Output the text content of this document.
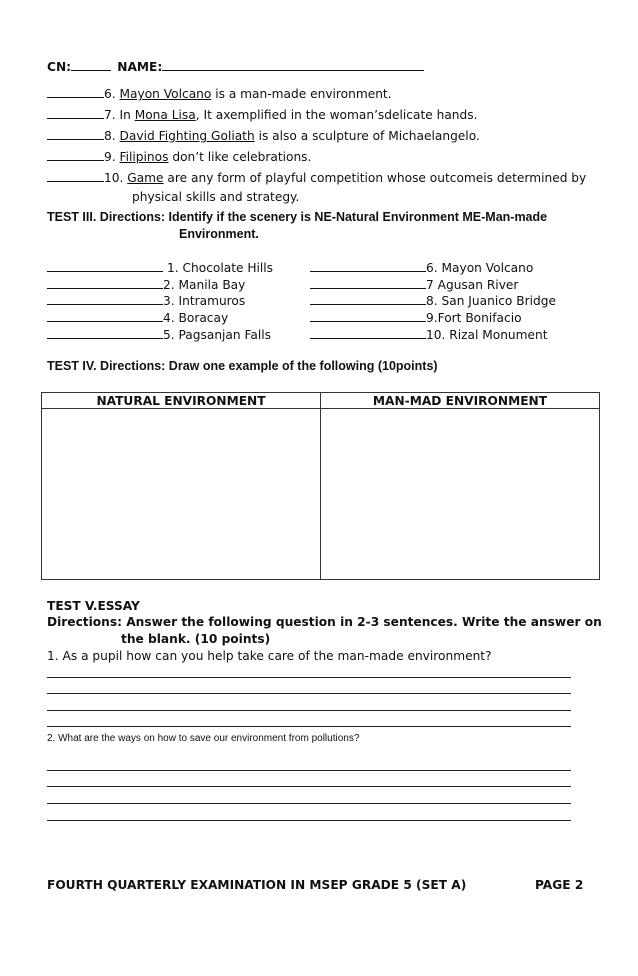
CN:	NAME:
6. Mayon Volcano is a man-made environment.
7. In Mona Lisa, It axemplified in the woman’sdelicate hands.
8. David Fighting Goliath is also a sculpture of Michaelangelo.
9. Filipinos don’t like celebrations.
10. Game are any form of playful competition whose outcomeis determined by
physical skills and strategy.
TEST III. Directions: Identify if the scenery is NE-Natural Environment ME-Man-made
Environment.
1. Chocolate Hills
2. Manila Bay
3. Intramuros
4. Boracay
5. Pagsanjan Falls
6. Mayon Volcano
7 Agusan River
8. San Juanico Bridge
9.Fort Bonifacio
10. Rizal Monument
TEST IV. Directions: Draw one example of the following (10points)
NATURAL ENVIRONMENT	MAN-MAD ENVIRONMENT

TEST V.ESSAY
Directions: Answer the following question in 2-3 sentences. Write the answer on
the blank. (10 points)
1. As a pupil how can you help take care of the man-made environment?
2. What are the ways on how to save our environment from pollutions?
FOURTH QUARTERLY EXAMINATION IN MSEP GRADE 5 (SET A)	PAGE 2
